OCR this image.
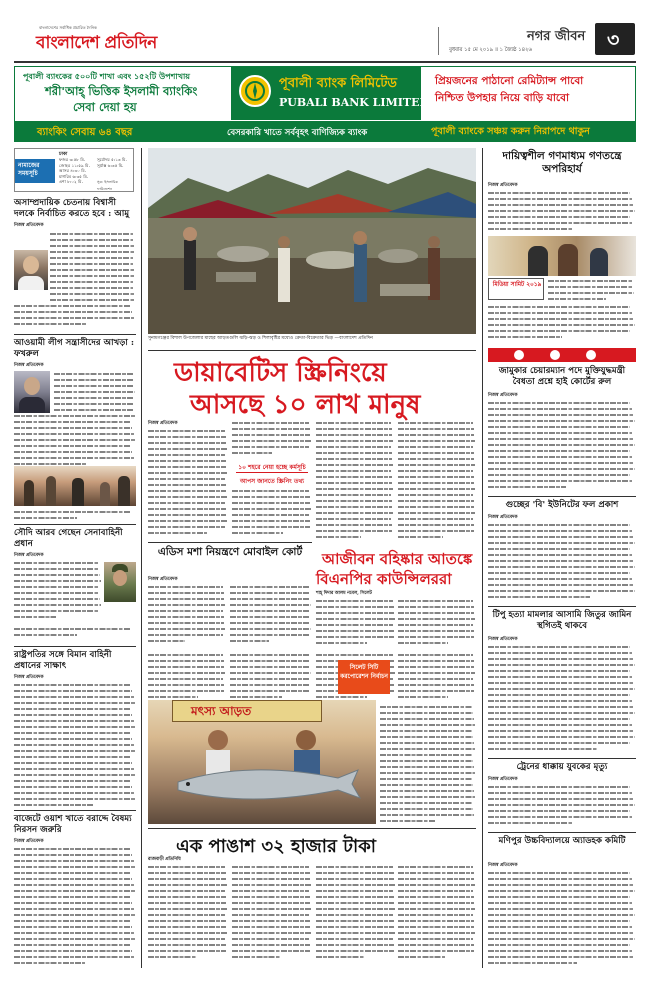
বাংলাদেশের সর্বাধিক প্রচারিত দৈনিক
বাংলাদেশ প্রতিদিন	নগর জীবন
বুধবার ১৫ মে ২০১৯ ॥ ১ জ্যৈষ্ঠ ১৪২৬	৩
পূবালী ব্যাংকের ৫০০টি শাখা এবং ১৫২টি উপশাখায়
শরী'আহ্ ভিত্তিক ইসলামী ব্যাংকিং
সেবা দেয়া হয়
পূবালী ব্যাংক লিমিটেড
PUBALI BANK LIMITED
প্রিয়জনের পাঠানো রেমিট্যান্স পাবো
নিশ্চিত উপহার নিয়ে বাড়ি যাবো
ব্যাংকিং সেবায় ৬৪ বছর	বেসরকারি খাতে সর্ববৃহৎ বাণিজ্যিক ব্যাংক	পূবালী ব্যাংকে সঞ্চয় করুন নিরাপদে থাকুন
নামাজের সময়সূচি
ঢাকা
ফজর ৩:৫৮ মি.
জোহর ১১:৫৯ মি.
আসর ৪:৩০ মি.
মাগরিব ৬:৩৫ মি.
এশা ৮:০২ মি.
সূর্যোদয় ৫:১৩ মি.
সূর্যাস্ত ৬:৩৫ মি.
সূত্র: ইসলামিক ফাউন্ডেশন
অসাম্প্রদায়িক চেতনায় বিশ্বাসী দলকে নির্বাচিত করতে হবে : আমু
নিজস্ব প্রতিবেদক
আওয়ামী লীগ সন্ত্রাসীদের আখড়া : ফখরুল
নিজস্ব প্রতিবেদক
সৌদি আরব গেছেন সেনাবাহিনী প্রধান
নিজস্ব প্রতিবেদক
রাষ্ট্রপতির সঙ্গে বিমান বাহিনী প্রধানের সাক্ষাৎ
নিজস্ব প্রতিবেদক
বাজেটে ওয়াশ খাতে বরাদ্দে বৈষম্য নিরসন জরুরি
নিজস্ব প্রতিবেদক
সুনামগঞ্জের বিশাল উপজেলার মাছের আড়তগুলি ঝড়ি-ঝড় ও শিলাবৃষ্টির মধ্যেও ক্রেতা-বিক্রেতার ভিড় —বাংলাদেশ প্রতিদিন
ডায়াবেটিস স্ক্রিনিংয়ে
আসছে ১০ লাখ মানুষ
নিজস্ব প্রতিবেদক
১০ শহরে নেয়া হচ্ছে কর্মসূচি
আপস জানতে স্ক্রিনিং তথ্য
এডিস মশা নিয়ন্ত্রণে মোবাইল কোর্ট
নিজস্ব প্রতিবেদক
আজীবন বহিষ্কার আতঙ্কে
বিএনপির কাউন্সিলররা
শাহ্ দিদার আলম নবেল, সিলেট
সিলেট সিটি করপোরেশন নির্বাচন
মৎস্য আড়ত
এক পাঙাশ ৩২ হাজার টাকা
রাজবাড়ী প্রতিনিধি
দায়িত্বশীল গণমাধ্যম গণতন্ত্রে অপরিহার্য
নিজস্ব প্রতিবেদক
মিডিয়া সামিট ২০১৯
জামুকার চেয়ারম্যান পদে মুক্তিযুদ্ধমন্ত্রী বৈধতা প্রশ্নে হাই কোর্টের রুল
নিজস্ব প্রতিবেদক
গুচ্ছের 'বি' ইউনিটের ফল প্রকাশ
নিজস্ব প্রতিবেদক
টিপু হত্যা মামলার আসামি জিতুর জামিন স্থগিতই থাকবে
নিজস্ব প্রতিবেদক
ট্রেনের ধাক্কায় যুবকের মৃত্যু
নিজস্ব প্রতিবেদক
মণিপুর উচ্চবিদ্যালয়ে অ্যাডহক কমিটি
নিজস্ব প্রতিবেদক
